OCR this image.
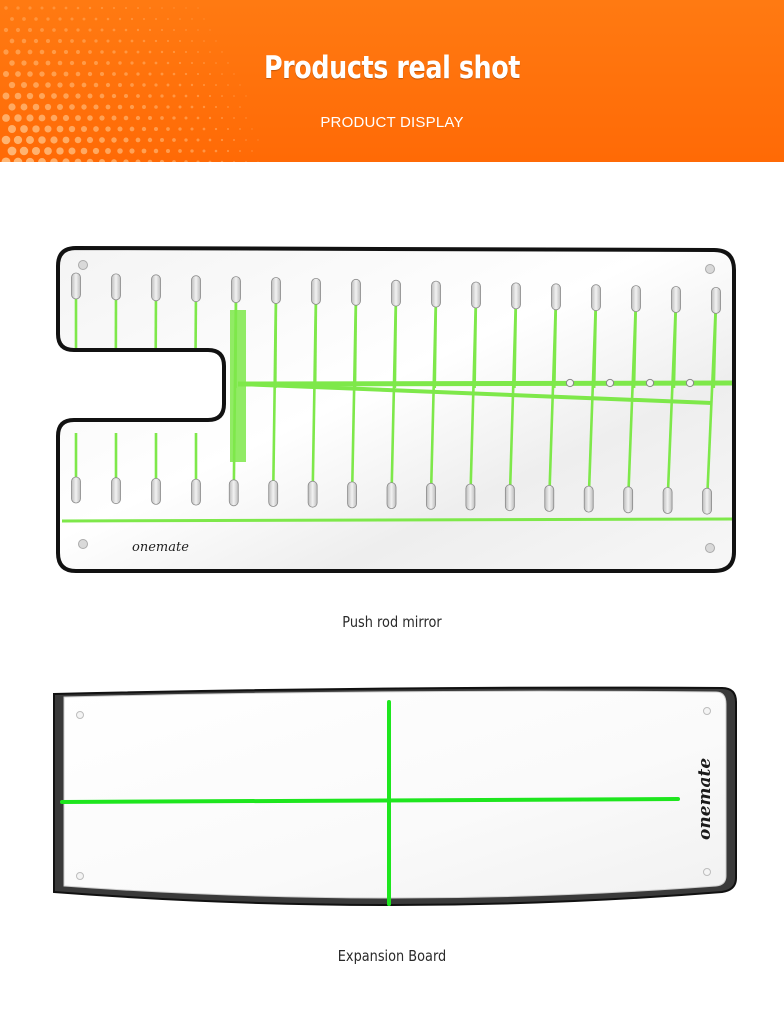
Products real shot
PRODUCT DISPLAY
onemate
Push rod mirror
onemate
Expansion Board
